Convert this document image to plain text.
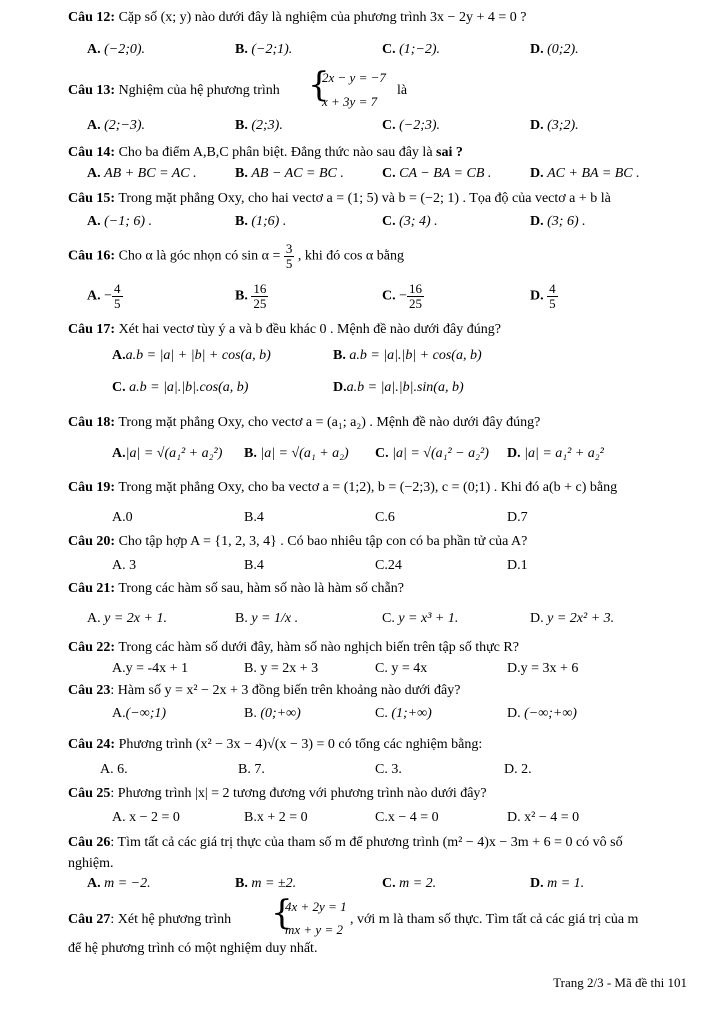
Câu 12: Cặp số (x; y) nào dưới đây là nghiệm của phương trình 3x − 2y + 4 = 0 ?
A. (−2;0).	B. (−2;1).	C. (1;−2).	D. (0;2).
Câu 13: Nghiệm của hệ phương trình {
2x − y = −7
x + 3y = 7
là
A. (2;−3).	B. (2;3).	C. (−2;3).	D. (3;2).
Câu 14: Cho ba điểm A,B,C phân biệt. Đẳng thức nào sau đây là sai ?
A. AB + BC = AC .	B. AB − AC = BC .	C. CA − BA = CB .	D. AC + BA = BC .
Câu 15: Trong mặt phẳng Oxy, cho hai vectơ a = (1; 5) và b = (−2; 1) . Tọa độ của vectơ a + b là
A. (−1; 6) .	B. (1;6) .	C. (3; 4) .	D. (3; 6) .
Câu 16: Cho α là góc nhọn có $\sin \alpha = \frac{3}{5}$ , khi đó cos α bằng
A. − $\frac{4}{5}$	B. $\frac{16}{25}$	C. − $\frac{16}{25}$	D. $\frac{4}{5}$
Câu 17: Xét hai vectơ tùy ý a và b đều khác 0 . Mệnh đề nào dưới đây đúng?
A.a.b = |a| + |b| + cos(a, b)	B. a.b = |a|.|b| + cos(a, b)
C. a.b = |a|.|b|.cos(a, b)	D.a.b = |a|.|b|.sin(a, b)
Câu 18: Trong mặt phẳng Oxy, cho vectơ a = (a₁; a₂) . Mệnh đề nào dưới đây đúng?
A.|a| = √(a₁² + a₂²) B. |a| = √(a₁ + a₂) C. |a| = √(a₁² − a₂²) D. |a| = a₁² + a₂²
Câu 19: Trong mặt phẳng Oxy, cho ba vectơ a = (1;2), b = (−2;3), c = (0;1) . Khi đó a(b + c) bằng
A.0	B.4	C.6	D.7
Câu 20: Cho tập hợp A = {1, 2, 3, 4} . Có bao nhiêu tập con có ba phần tử của A?
A. 3	B.4	C.24	D.1
Câu 21: Trong các hàm số sau, hàm số nào là hàm số chẵn?
A. y = 2x + 1.	B. y = 1/x .	C. y = x³ + 1.	D. y = 2x² + 3.
Câu 22: Trong các hàm số dưới đây, hàm số nào nghịch biến trên tập số thực R?
A.y = -4x + 1	B. y = 2x + 3	C. y = 4x	D.y = 3x + 6
Câu 23: Hàm số y = x² − 2x + 3 đồng biến trên khoảng nào dưới đây?
A.(−∞;1)	B. (0;+∞)	C. (1;+∞)	D. (−∞;+∞)
Câu 24: Phương trình (x² − 3x − 4)√(x − 3) = 0 có tổng các nghiệm bằng:
A. 6.	B. 7.	C. 3.	D. 2.
Câu 25: Phương trình |x| = 2 tương đương với phương trình nào dưới đây?
A. x − 2 = 0	B.x + 2 = 0	C.x − 4 = 0	D. x² − 4 = 0
Câu 26: Tìm tất cả các giá trị thực của tham số m để phương trình (m² − 4)x − 3m + 6 = 0 có vô số
nghiệm.
A. m = −2.	B. m = ±2.	C. m = 2.	D. m = 1.
Câu 27: Xét hệ phương trình {
4x + 2y = 1
mx + y = 2
, với m là tham số thực. Tìm tất cả các giá trị của m
để hệ phương trình có một nghiệm duy nhất.
Trang 2/3 - Mã đề thi 101
